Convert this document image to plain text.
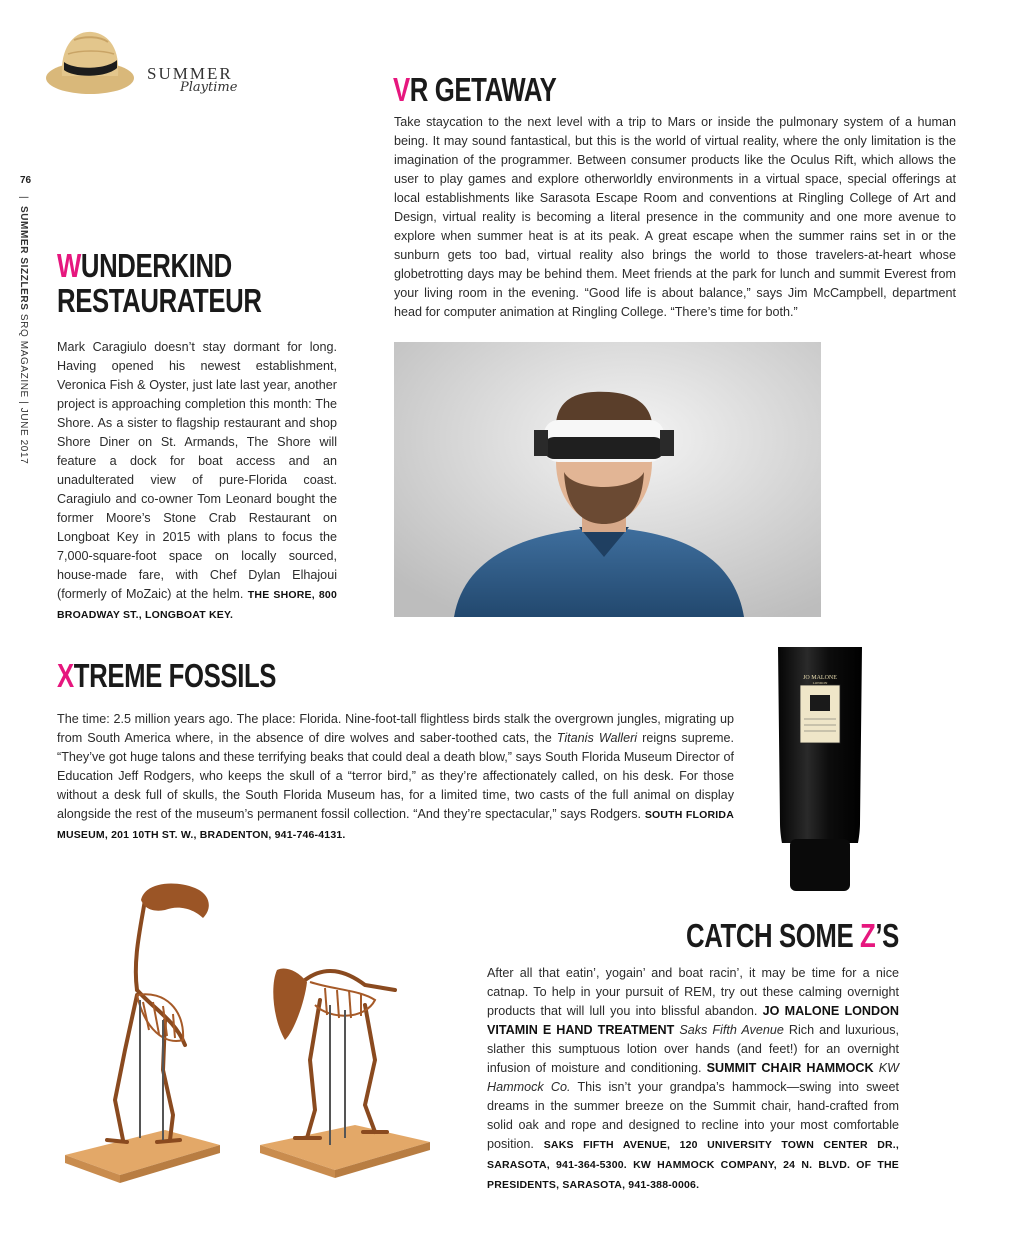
SUMMER
Playtime
76
|  SUMMER SIZZLERS SRQ MAGAZINE | JUNE 2017
VR GETAWAY
Take staycation to the next level with a trip to Mars or inside the pulmonary system of a human being. It may sound fantastical, but this is the world of virtual reality, where the only limitation is the imagination of the programmer. Between consumer products like the Oculus Rift, which allows the user to play games and explore otherworldly environments in a virtual space, special offerings at local establishments like Sarasota Escape Room and conventions at Ringling College of Art and Design, virtual reality is becoming a literal presence in the community and one more avenue to explore when summer heat is at its peak. A great escape when the summer rains set in or the sunburn gets too bad, virtual reality also brings the world to those travelers-at-heart whose globetrotting days may be behind them. Meet friends at the park for lunch and summit Everest from your living room in the evening. “Good life is about balance,” says Jim McCampbell, department head for computer animation at Ringling College. “There’s time for both.”
WUNDERKIND
RESTAURATEUR
Mark Caragiulo doesn’t stay dormant for long. Having opened his newest establishment, Veronica Fish & Oyster, just late last year, another project is approaching completion this month: The Shore. As a sister to flagship restaurant and shop Shore Diner on St. Armands, The Shore will feature a dock for boat access and an unadulterated view of pure-Florida coast. Caragiulo and co-owner Tom Leonard bought the former Moore’s Stone Crab Restaurant on Longboat Key in 2015 with plans to focus the 7,000-square-foot space on locally sourced, house-made fare, with Chef Dylan Elhajoui (formerly of MoZaic) at the helm. THE SHORE, 800 BROADWAY ST., LONGBOAT KEY.
XTREME FOSSILS
The time: 2.5 million years ago. The place: Florida. Nine-foot-tall flightless birds stalk the overgrown jungles, migrating up from South America where, in the absence of dire wolves and saber-toothed cats, the Titanis Walleri reigns supreme. “They’ve got huge talons and these terrifying beaks that could deal a death blow,” says South Florida Museum Director of Education Jeff Rodgers, who keeps the skull of a “terror bird,” as they’re affectionately called, on his desk. For those without a desk full of skulls, the South Florida Museum has, for a limited time, two casts of the full animal on display alongside the rest of the museum’s permanent fossil collection. “And they’re spectacular,” says Rodgers. SOUTH FLORIDA MUSEUM, 201 10TH ST. W., BRADENTON, 941-746-4131.
JO MALONE
LONDON
CATCH SOME Z’S
After all that eatin’, yogain’ and boat racin’, it may be time for a nice catnap. To help in your pursuit of REM, try out these calming overnight products that will lull you into blissful abandon. JO MALONE LONDON VITAMIN E HAND TREATMENT Saks Fifth Avenue Rich and luxurious, slather this sumptuous lotion over hands (and feet!) for an overnight infusion of moisture and conditioning. SUMMIT CHAIR HAMMOCK KW Hammock Co. This isn’t your grandpa’s hammock—swing into sweet dreams in the summer breeze on the Summit chair, hand-crafted from solid oak and rope and designed to recline into your most comfortable position. SAKS FIFTH AVENUE, 120 UNIVERSITY TOWN CENTER DR., SARASOTA, 941-364-5300. KW HAMMOCK COMPANY, 24 N. BLVD. OF THE PRESIDENTS, SARASOTA, 941-388-0006.
